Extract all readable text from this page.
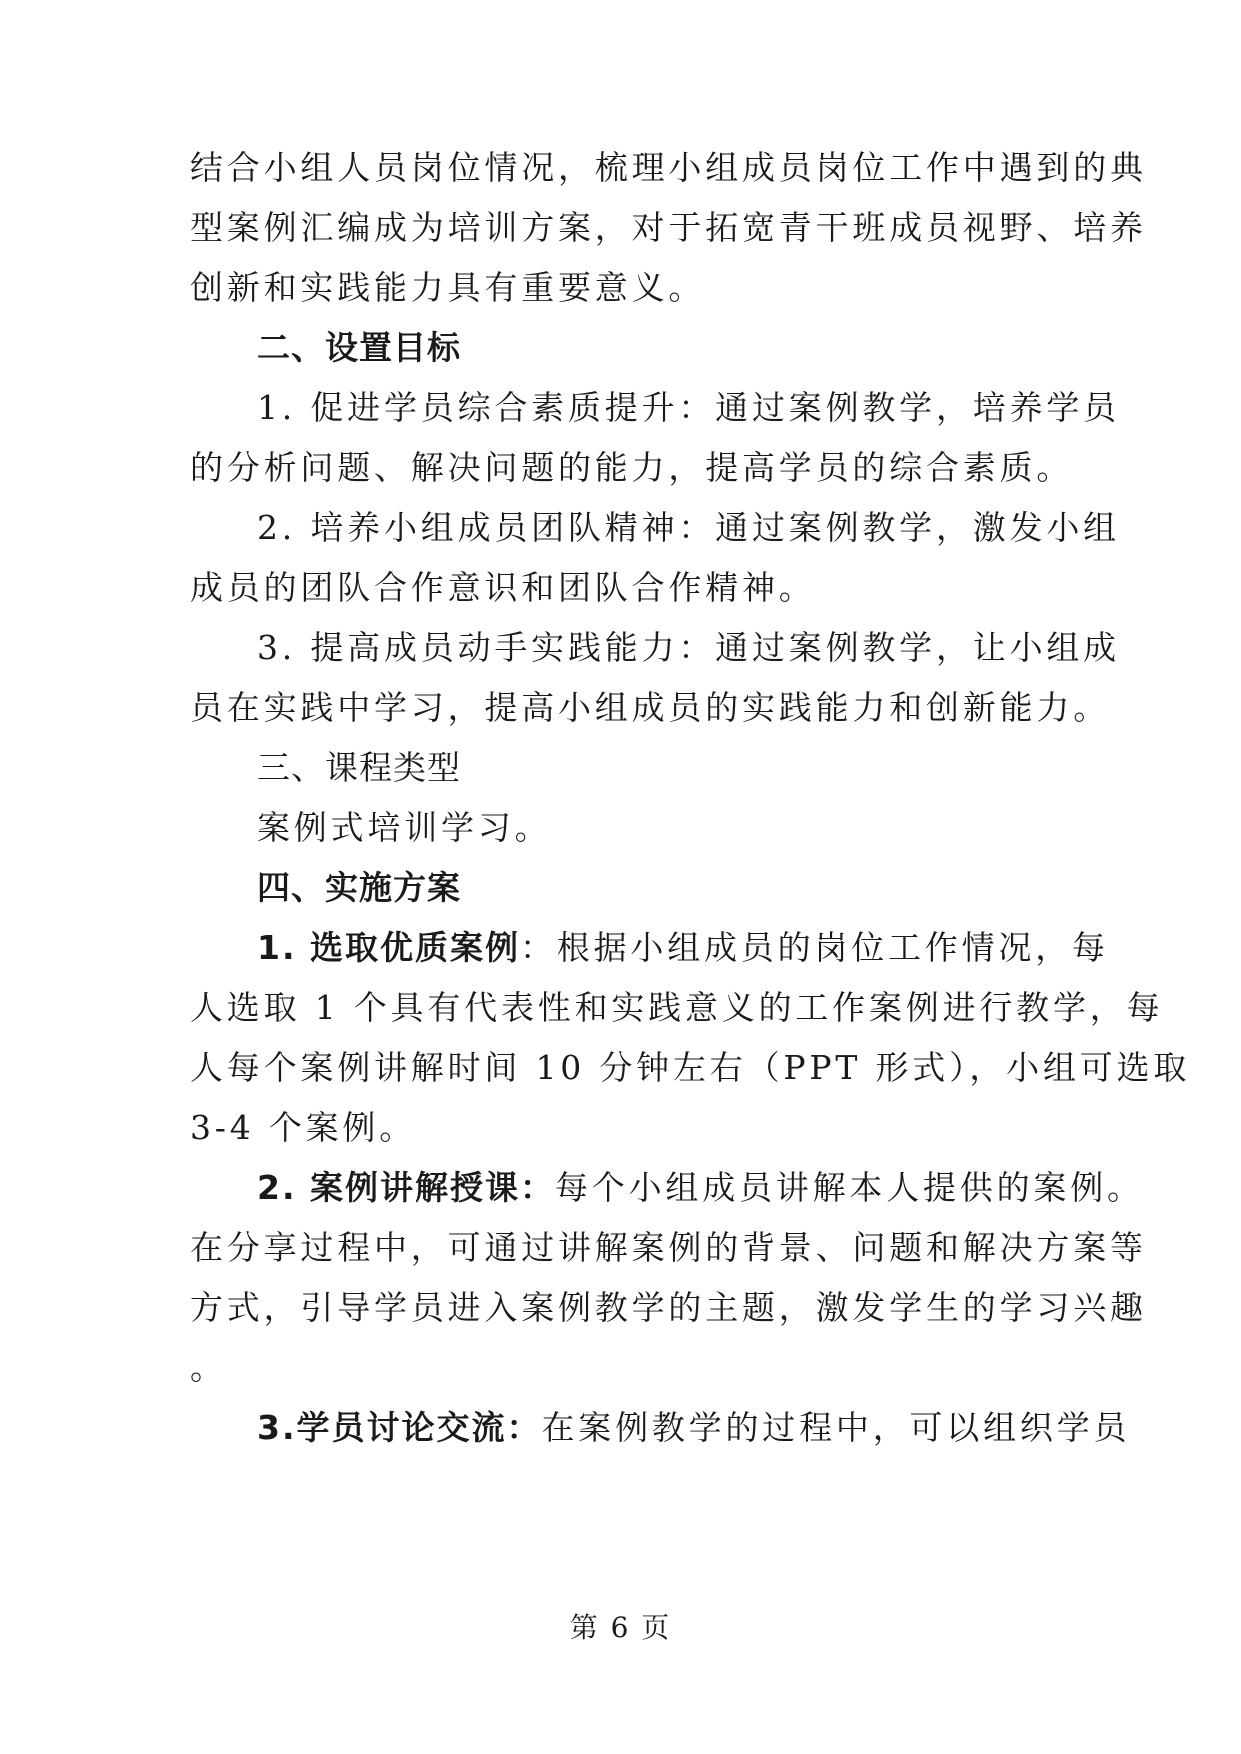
结合小组人员岗位情况，梳理小组成员岗位工作中遇到的典
型案例汇编成为培训方案，对于拓宽青干班成员视野、培养
创新和实践能力具有重要意义。
二、设置目标
1. 促进学员综合素质提升：通过案例教学，培养学员
的分析问题、解决问题的能力，提高学员的综合素质。
2. 培养小组成员团队精神：通过案例教学，激发小组
成员的团队合作意识和团队合作精神。
3. 提高成员动手实践能力：通过案例教学，让小组成
员在实践中学习，提高小组成员的实践能力和创新能力。
三、课程类型
案例式培训学习。
四、实施方案
1. 选取优质案例：根据小组成员的岗位工作情况，每
人选取 1 个具有代表性和实践意义的工作案例进行教学，每
人每个案例讲解时间 10 分钟左右（PPT 形式），小组可选取
3-4 个案例。
2. 案例讲解授课：每个小组成员讲解本人提供的案例。
在分享过程中，可通过讲解案例的背景、问题和解决方案等
方式，引导学员进入案例教学的主题，激发学生的学习兴趣
。
3.学员讨论交流：在案例教学的过程中，可以组织学员
第 6 页
